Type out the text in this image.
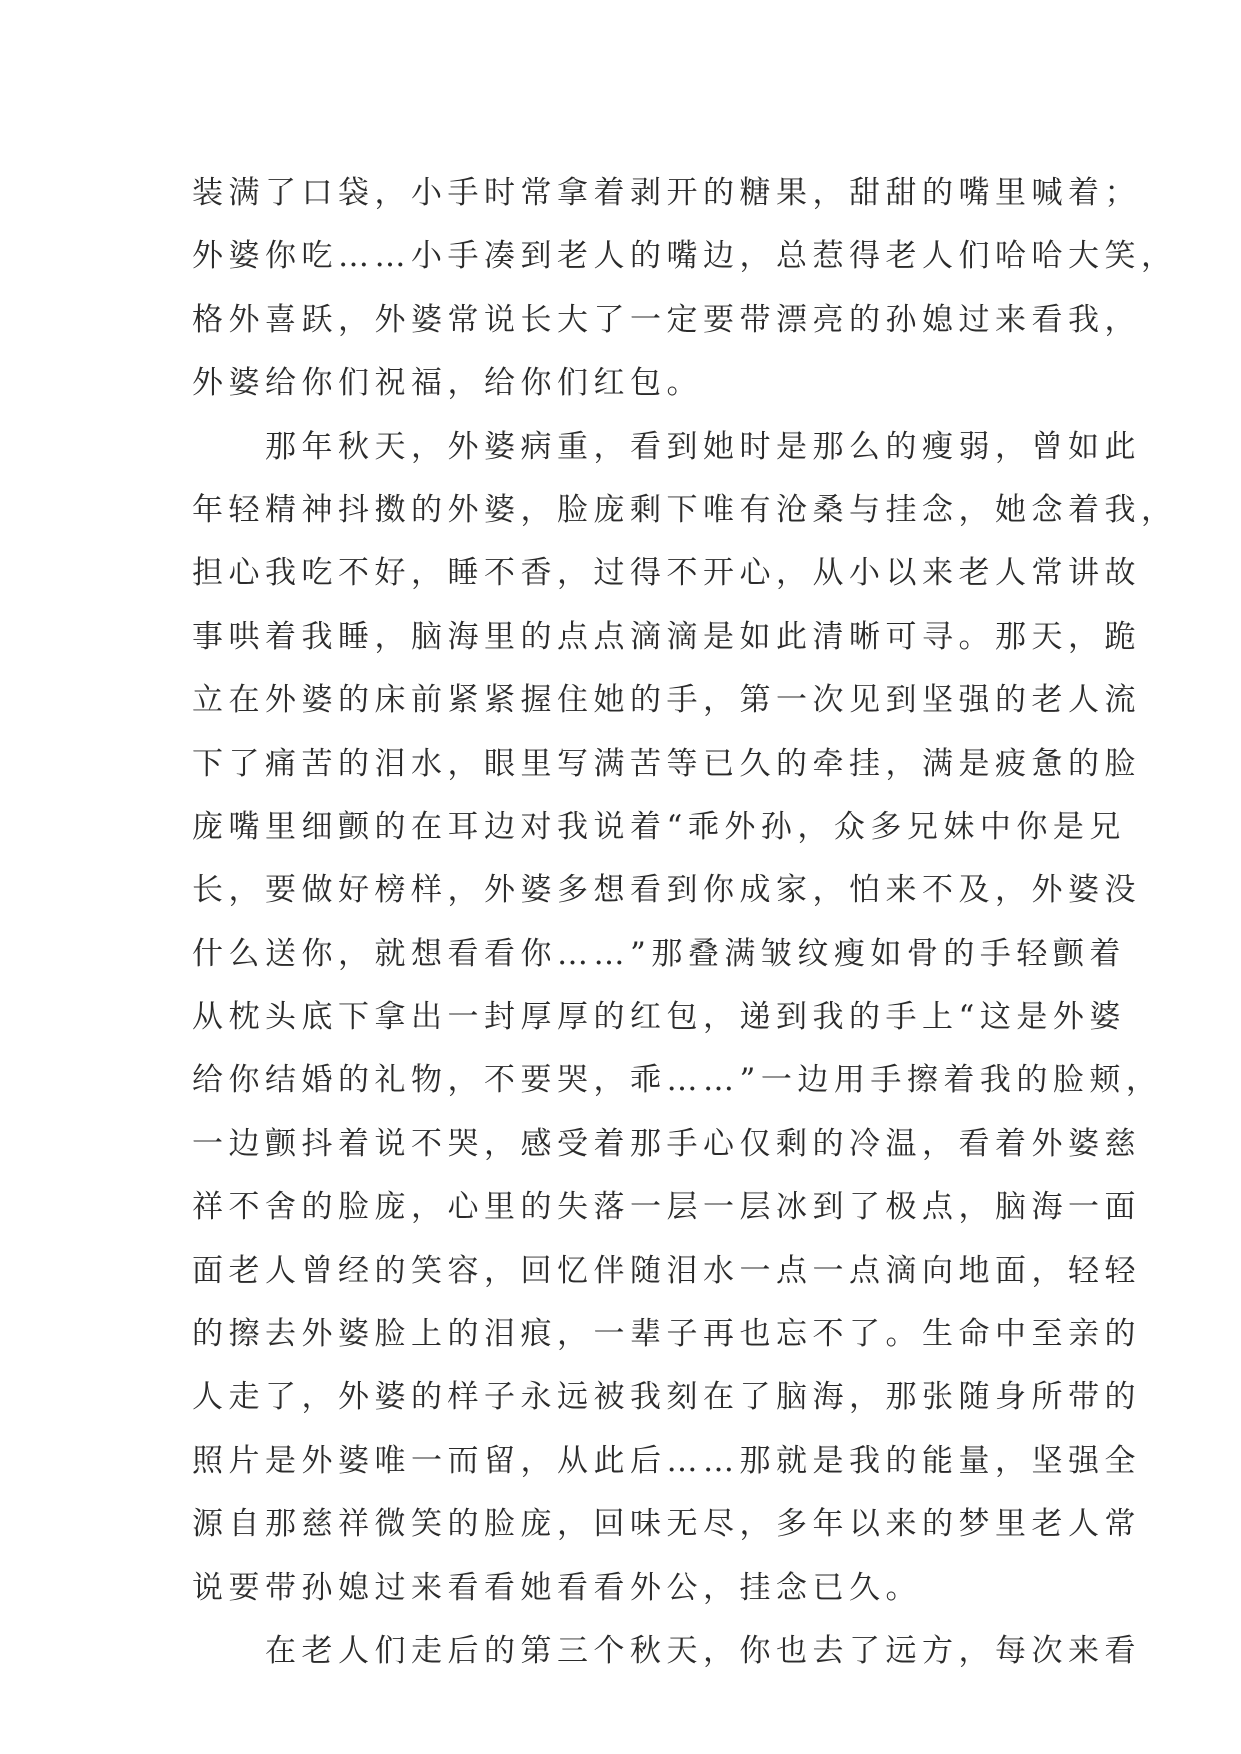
装满了口袋，小手时常拿着剥开的糖果，甜甜的嘴里喊着；
外婆你吃……小手凑到老人的嘴边，总惹得老人们哈哈大笑，
格外喜跃，外婆常说长大了一定要带漂亮的孙媳过来看我，
外婆给你们祝福，给你们红包。
　　那年秋天，外婆病重，看到她时是那么的瘦弱，曾如此
年轻精神抖擞的外婆，脸庞剩下唯有沧桑与挂念，她念着我，
担心我吃不好，睡不香，过得不开心，从小以来老人常讲故
事哄着我睡，脑海里的点点滴滴是如此清晰可寻。那天，跪
立在外婆的床前紧紧握住她的手，第一次见到坚强的老人流
下了痛苦的泪水，眼里写满苦等已久的牵挂，满是疲惫的脸
庞嘴里细颤的在耳边对我说着“乖外孙，众多兄妹中你是兄
长，要做好榜样，外婆多想看到你成家，怕来不及，外婆没
什么送你，就想看看你……”那叠满皱纹瘦如骨的手轻颤着
从枕头底下拿出一封厚厚的红包，递到我的手上“这是外婆
给你结婚的礼物，不要哭，乖……”一边用手擦着我的脸颊，
一边颤抖着说不哭，感受着那手心仅剩的冷温，看着外婆慈
祥不舍的脸庞，心里的失落一层一层冰到了极点，脑海一面
面老人曾经的笑容，回忆伴随泪水一点一点滴向地面，轻轻
的擦去外婆脸上的泪痕，一辈子再也忘不了。生命中至亲的
人走了，外婆的样子永远被我刻在了脑海，那张随身所带的
照片是外婆唯一而留，从此后……那就是我的能量，坚强全
源自那慈祥微笑的脸庞，回味无尽，多年以来的梦里老人常
说要带孙媳过来看看她看看外公，挂念已久。
　　在老人们走后的第三个秋天，你也去了远方，每次来看
